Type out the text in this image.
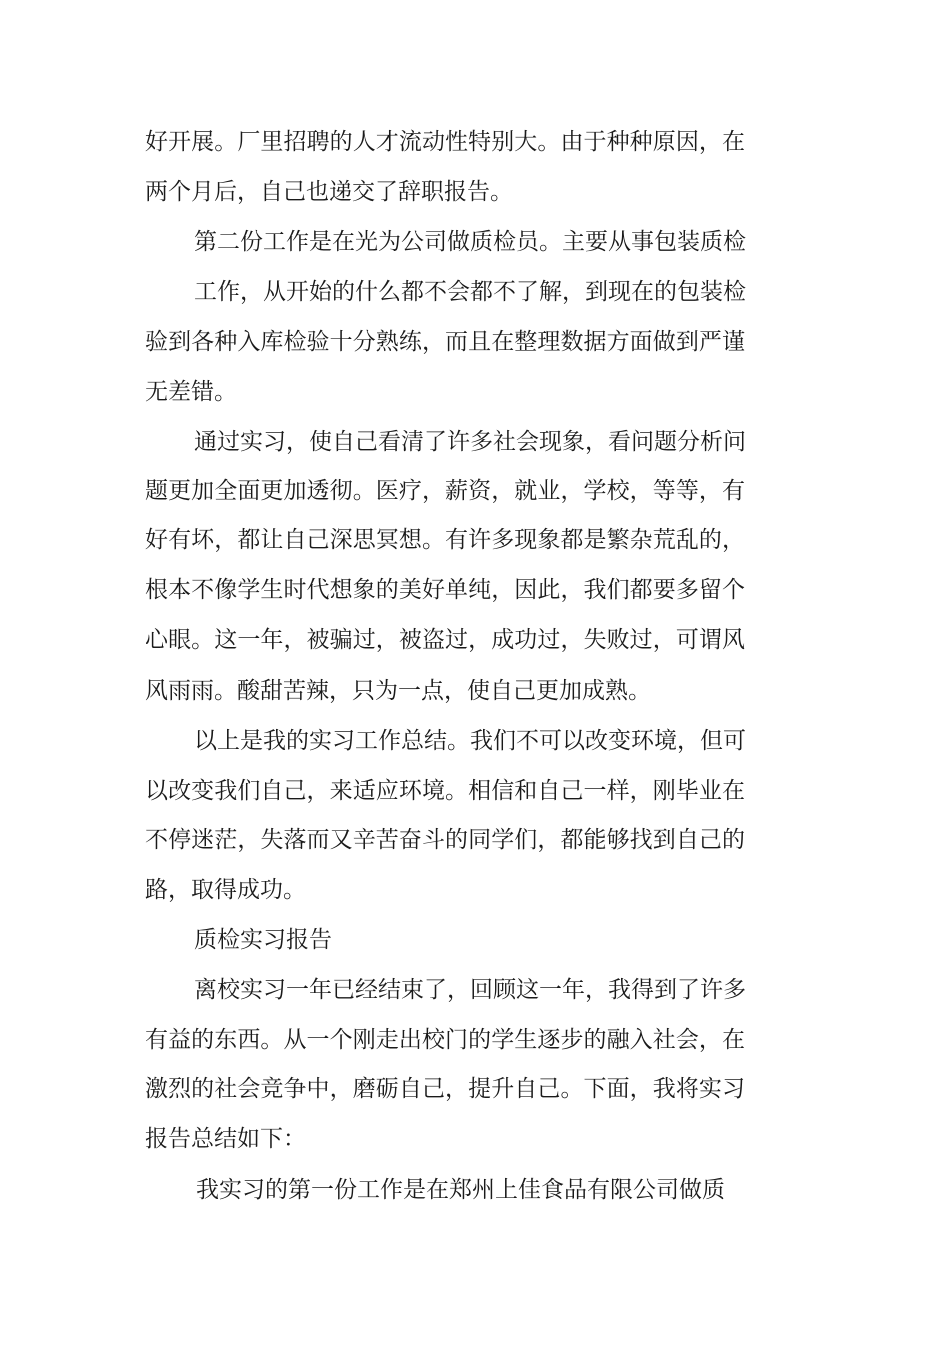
好开展。厂里招聘的人才流动性特别大。由于种种原因，在
两个月后，自己也递交了辞职报告。
第二份工作是在光为公司做质检员。主要从事包装质检
工作，从开始的什么都不会都不了解，到现在的包装检
验到各种入库检验十分熟练，而且在整理数据方面做到严谨
无差错。
通过实习，使自己看清了许多社会现象，看问题分析问
题更加全面更加透彻。医疗，薪资，就业，学校，等等，有
好有坏，都让自己深思冥想。有许多现象都是繁杂荒乱的，
根本不像学生时代想象的美好单纯，因此，我们都要多留个
心眼。这一年，被骗过，被盗过，成功过，失败过，可谓风
风雨雨。酸甜苦辣，只为一点，使自己更加成熟。
以上是我的实习工作总结。我们不可以改变环境，但可
以改变我们自己，来适应环境。相信和自己一样，刚毕业在
不停迷茫，失落而又辛苦奋斗的同学们，都能够找到自己的
路，取得成功。
质检实习报告
离校实习一年已经结束了，回顾这一年，我得到了许多
有益的东西。从一个刚走出校门的学生逐步的融入社会，在
激烈的社会竞争中，磨砺自己，提升自己。下面，我将实习
报告总结如下：
我实习的第一份工作是在郑州上佳食品有限公司做质
